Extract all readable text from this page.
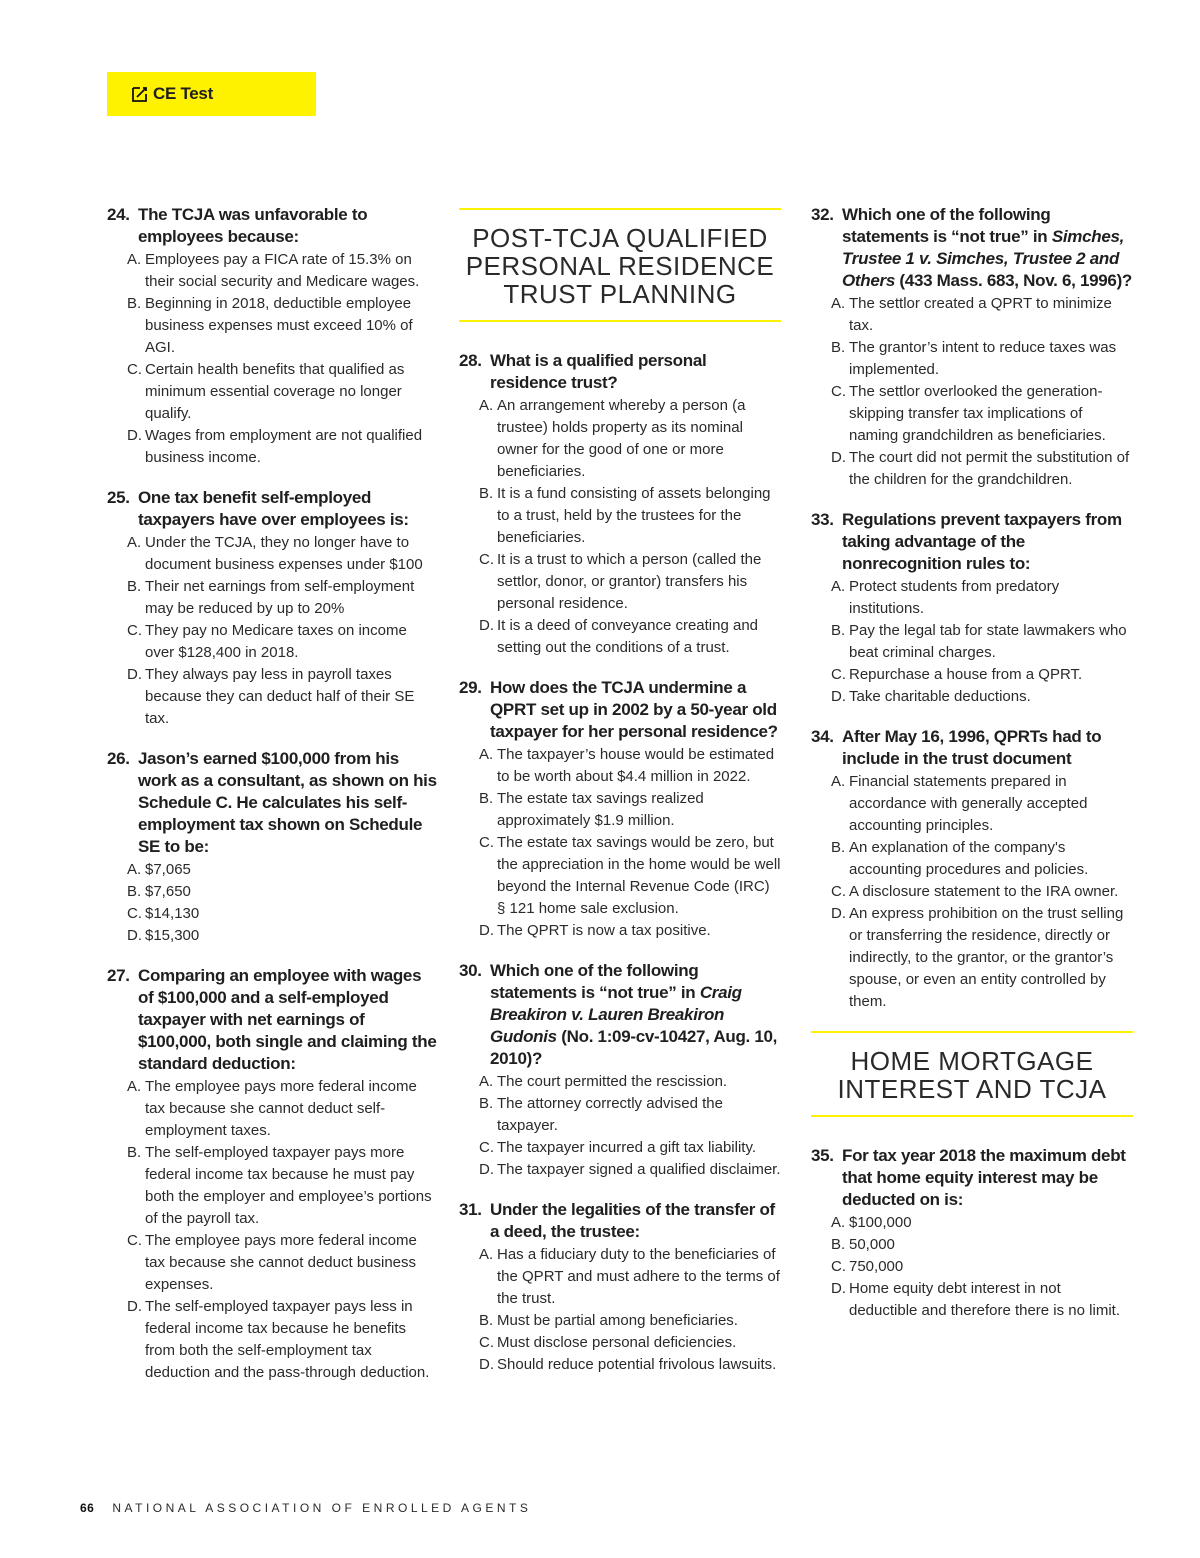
CE Test
24. The TCJA was unfavorable to employees because:
A. Employees pay a FICA rate of 15.3% on their social security and Medicare wages.
B. Beginning in 2018, deductible employee business expenses must exceed 10% of AGI.
C. Certain health benefits that qualified as minimum essential coverage no longer qualify.
D. Wages from employment are not qualified business income.
25. One tax benefit self-employed taxpayers have over employees is:
A. Under the TCJA, they no longer have to document business expenses under $100
B. Their net earnings from self-employment may be reduced by up to 20%
C. They pay no Medicare taxes on income over $128,400 in 2018.
D. They always pay less in payroll taxes because they can deduct half of their SE tax.
26. Jason’s earned $100,000 from his work as a consultant, as shown on his Schedule C. He calculates his self-employment tax shown on Schedule SE to be:
A. $7,065
B. $7,650
C. $14,130
D. $15,300
27. Comparing an employee with wages of $100,000 and a self-employed taxpayer with net earnings of $100,000, both single and claiming the standard deduction:
A. The employee pays more federal income tax because she cannot deduct self-employment taxes.
B. The self-employed taxpayer pays more federal income tax because he must pay both the employer and employee’s portions of the payroll tax.
C. The employee pays more federal income tax because she cannot deduct business expenses.
D. The self-employed taxpayer pays less in federal income tax because he benefits from both the self-employment tax deduction and the pass-through deduction.
POST-TCJA QUALIFIED PERSONAL RESIDENCE TRUST PLANNING
28. What is a qualified personal residence trust?
A. An arrangement whereby a person (a trustee) holds property as its nominal owner for the good of one or more beneficiaries.
B. It is a fund consisting of assets belonging to a trust, held by the trustees for the beneficiaries.
C. It is a trust to which a person (called the settlor, donor, or grantor) transfers his personal residence.
D. It is a deed of conveyance creating and setting out the conditions of a trust.
29. How does the TCJA undermine a QPRT set up in 2002 by a 50-year old taxpayer for her personal residence?
A. The taxpayer’s house would be estimated to be worth about $4.4 million in 2022.
B. The estate tax savings realized approximately $1.9 million.
C. The estate tax savings would be zero, but the appreciation in the home would be well beyond the Internal Revenue Code (IRC) § 121 home sale exclusion.
D. The QPRT is now a tax positive.
30. Which one of the following statements is “not true” in Craig Breakiron v. Lauren Breakiron Gudonis (No. 1:09-cv-10427, Aug. 10, 2010)?
A. The court permitted the rescission.
B. The attorney correctly advised the taxpayer.
C. The taxpayer incurred a gift tax liability.
D. The taxpayer signed a qualified disclaimer.
31. Under the legalities of the transfer of a deed, the trustee:
A. Has a fiduciary duty to the beneficiaries of the QPRT and must adhere to the terms of the trust.
B. Must be partial among beneficiaries.
C. Must disclose personal deficiencies.
D. Should reduce potential frivolous lawsuits.
32. Which one of the following statements is “not true” in Simches, Trustee 1 v. Simches, Trustee 2 and Others (433 Mass. 683, Nov. 6, 1996)?
A. The settlor created a QPRT to minimize tax.
B. The grantor’s intent to reduce taxes was implemented.
C. The settlor overlooked the generation-skipping transfer tax implications of naming grandchildren as beneficiaries.
D. The court did not permit the substitution of the children for the grandchildren.
33. Regulations prevent taxpayers from taking advantage of the nonrecognition rules to:
A. Protect students from predatory institutions.
B. Pay the legal tab for state lawmakers who beat criminal charges.
C. Repurchase a house from a QPRT.
D. Take charitable deductions.
34. After May 16, 1996, QPRTs had to include in the trust document
A. Financial statements prepared in accordance with generally accepted accounting principles.
B. An explanation of the company's accounting procedures and policies.
C. A disclosure statement to the IRA owner.
D. An express prohibition on the trust selling or transferring the residence, directly or indirectly, to the grantor, or the grantor’s spouse, or even an entity controlled by them.
HOME MORTGAGE INTEREST AND TCJA
35. For tax year 2018 the maximum debt that home equity interest may be deducted on is:
A. $100,000
B. 50,000
C. 750,000
D. Home equity debt interest in not deductible and therefore there is no limit.
66 NATIONAL ASSOCIATION OF ENROLLED AGENTS
